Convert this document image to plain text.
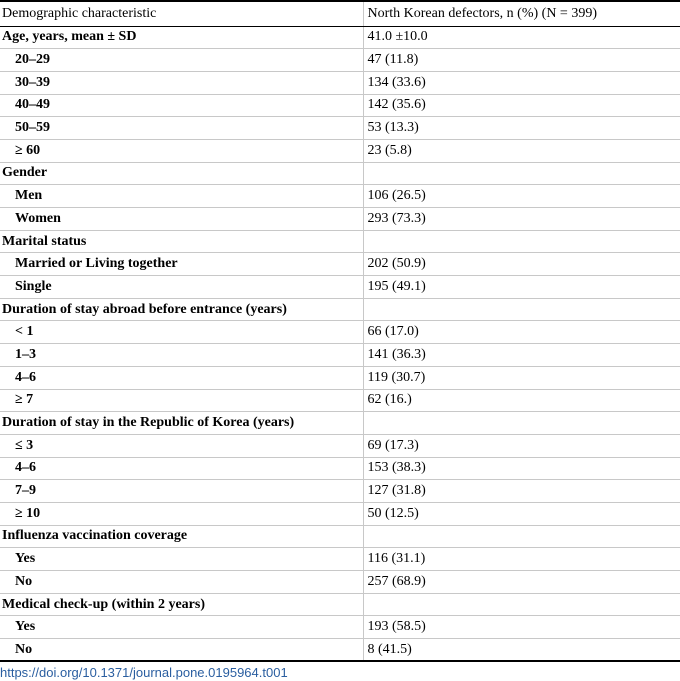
Demographic characteristic	North Korean defectors, n (%) (N = 399)
Age, years, mean ± SD	41.0 ±10.0
20–29	47 (11.8)
30–39	134 (33.6)
40–49	142 (35.6)
50–59	53 (13.3)
≥ 60	23 (5.8)
Gender	
Men	106 (26.5)
Women	293 (73.3)
Marital status	
Married or Living together	202 (50.9)
Single	195 (49.1)
Duration of stay abroad before entrance (years)	
< 1	66 (17.0)
1–3	141 (36.3)
4–6	119 (30.7)
≥ 7	62 (16.)
Duration of stay in the Republic of Korea (years)	
≤ 3	69 (17.3)
4–6	153 (38.3)
7–9	127 (31.8)
≥ 10	50 (12.5)
Influenza vaccination coverage	
Yes	116 (31.1)
No	257 (68.9)
Medical check-up (within 2 years)	
Yes	193 (58.5)
No	8 (41.5)
https://doi.org/10.1371/journal.pone.0195964.t001
